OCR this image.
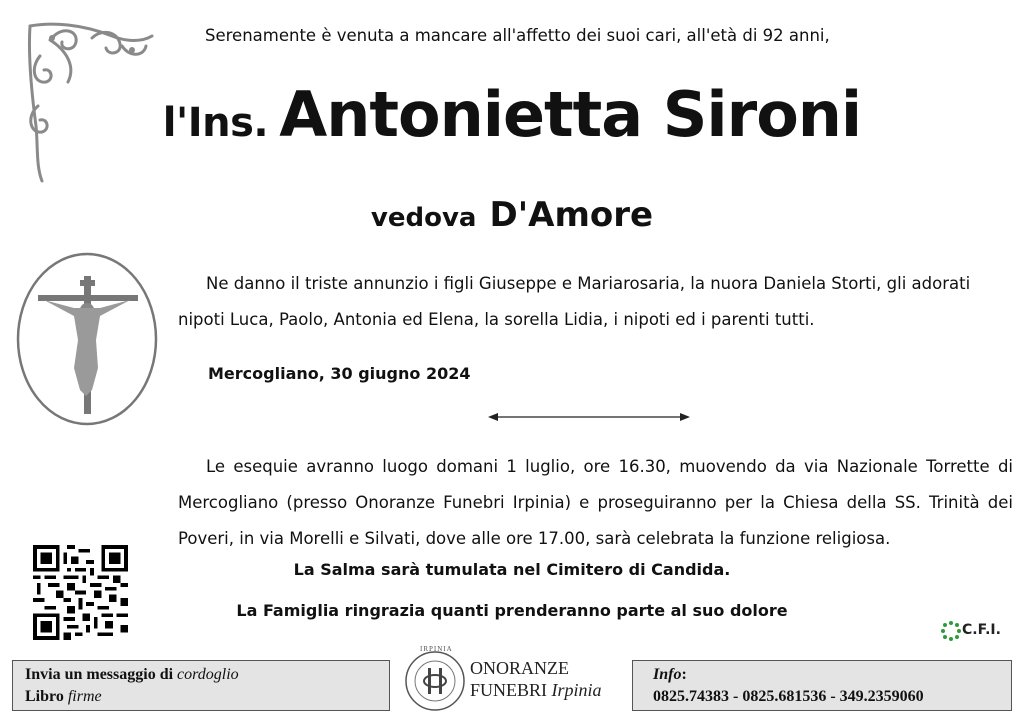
Serenamente è venuta a mancare all'affetto dei suoi cari, all'età di 92 anni,
l'Ins. Antonietta Sironi
vedova D'Amore
Ne danno il triste annunzio i figli Giuseppe e Mariarosaria, la nuora Daniela Storti, gli adorati nipoti Luca, Paolo, Antonia ed Elena, la sorella Lidia, i nipoti ed i parenti tutti.
Mercogliano, 30 giugno 2024
Le esequie avranno luogo domani 1 luglio, ore 16.30, muovendo da via Nazionale Torrette di Mercogliano (presso Onoranze Funebri Irpinia) e proseguiranno per la Chiesa della SS. Trinità dei Poveri, in via Morelli e Silvati, dove alle ore 17.00, sarà celebrata la funzione religiosa.
La Salma sarà tumulata nel Cimitero di Candida.
La Famiglia ringrazia quanti prenderanno parte al suo dolore
C.F.I.
Invia un messaggio di cordoglio
Libro firme
IRPINIA
ONORANZE
FUNEBRI Irpinia
Info:
0825.74383 - 0825.681536 - 349.2359060
